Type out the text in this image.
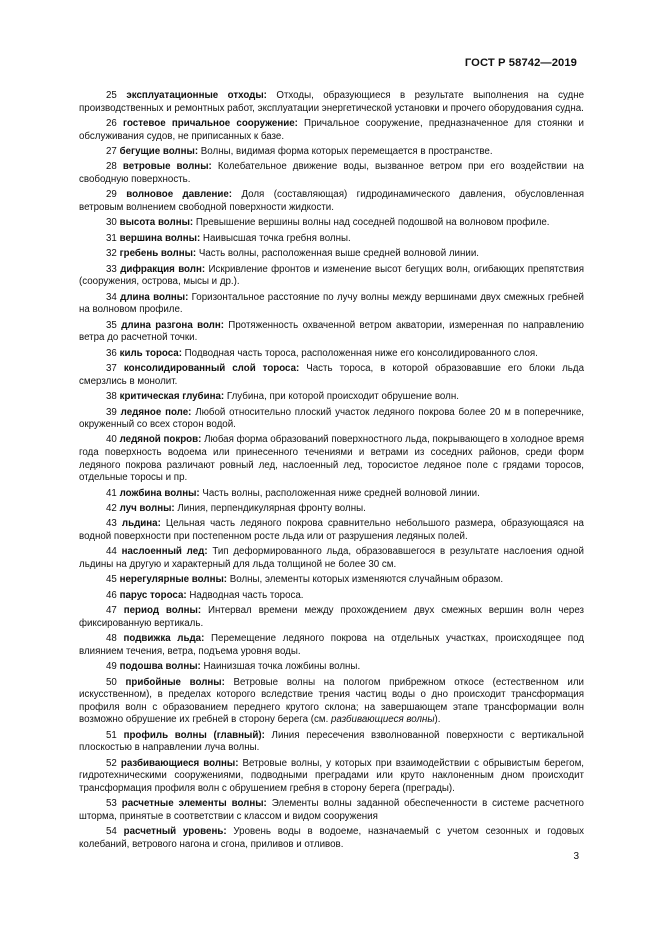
ГОСТ Р 58742—2019

25 эксплуатационные отходы: Отходы, образующиеся в результате выполнения на судне производственных и ремонтных работ, эксплуатации энергетической установки и прочего оборудования судна.

26 гостевое причальное сооружение: Причальное сооружение, предназначенное для стоянки и обслуживания судов, не приписанных к базе.

27 бегущие волны: Волны, видимая форма которых перемещается в пространстве.

28 ветровые волны: Колебательное движение воды, вызванное ветром при его воздействии на свободную поверхность.

29 волновое давление: Доля (составляющая) гидродинамического давления, обусловленная ветровым волнением свободной поверхности жидкости.

30 высота волны: Превышение вершины волны над соседней подошвой на волновом профиле.

31 вершина волны: Наивысшая точка гребня волны.

32 гребень волны: Часть волны, расположенная выше средней волновой линии.

33 дифракция волн: Искривление фронтов и изменение высот бегущих волн, огибающих препятствия (сооружения, острова, мысы и др.).

34 длина волны: Горизонтальное расстояние по лучу волны между вершинами двух смежных гребней на волновом профиле.

35 длина разгона волн: Протяженность охваченной ветром акватории, измеренная по направлению ветра до расчетной точки.

36 киль тороса: Подводная часть тороса, расположенная ниже его консолидированного слоя.

37 консолидированный слой тороса: Часть тороса, в которой образовавшие его блоки льда смерзлись в монолит.

38 критическая глубина: Глубина, при которой происходит обрушение волн.

39 ледяное поле: Любой относительно плоский участок ледяного покрова более 20 м в поперечнике, окруженный со всех сторон водой.

40 ледяной покров: Любая форма образований поверхностного льда, покрывающего в холодное время года поверхность водоема или принесенного течениями и ветрами из соседних районов, среди форм ледяного покрова различают ровный лед, наслоенный лед, торосистое ледяное поле с грядами торосов, отдельные торосы и пр.

41 ложбина волны: Часть волны, расположенная ниже средней волновой линии.

42 луч волны: Линия, перпендикулярная фронту волны.

43 льдина: Цельная часть ледяного покрова сравнительно небольшого размера, образующаяся на водной поверхности при постепенном росте льда или от разрушения ледяных полей.

44 наслоенный лед: Тип деформированного льда, образовавшегося в результате наслоения одной льдины на другую и характерный для льда толщиной не более 30 см.

45 нерегулярные волны: Волны, элементы которых изменяются случайным образом.

46 парус тороса: Надводная часть тороса.

47 период волны: Интервал времени между прохождением двух смежных вершин волн через фиксированную вертикаль.

48 подвижка льда: Перемещение ледяного покрова на отдельных участках, происходящее под влиянием течения, ветра, подъема уровня воды.

49 подошва волны: Наинизшая точка ложбины волны.

50 прибойные волны: Ветровые волны на пологом прибрежном откосе (естественном или искусственном), в пределах которого вследствие трения частиц воды о дно происходит трансформация профиля волн с образованием переднего крутого склона; на завершающем этапе трансформации волн возможно обрушение их гребней в сторону берега (см. разбивающиеся волны).

51 профиль волны (главный): Линия пересечения взволнованной поверхности с вертикальной плоскостью в направлении луча волны.

52 разбивающиеся волны: Ветровые волны, у которых при взаимодействии с обрывистым берегом, гидротехническими сооружениями, подводными преградами или круто наклоненным дном происходит трансформация профиля волн с обрушением гребня в сторону берега (преграды).

53 расчетные элементы волны: Элементы волны заданной обеспеченности в системе расчетного шторма, принятые в соответствии с классом и видом сооружения

54 расчетный уровень: Уровень воды в водоеме, назначаемый с учетом сезонных и годовых колебаний, ветрового нагона и сгона, приливов и отливов.

3
